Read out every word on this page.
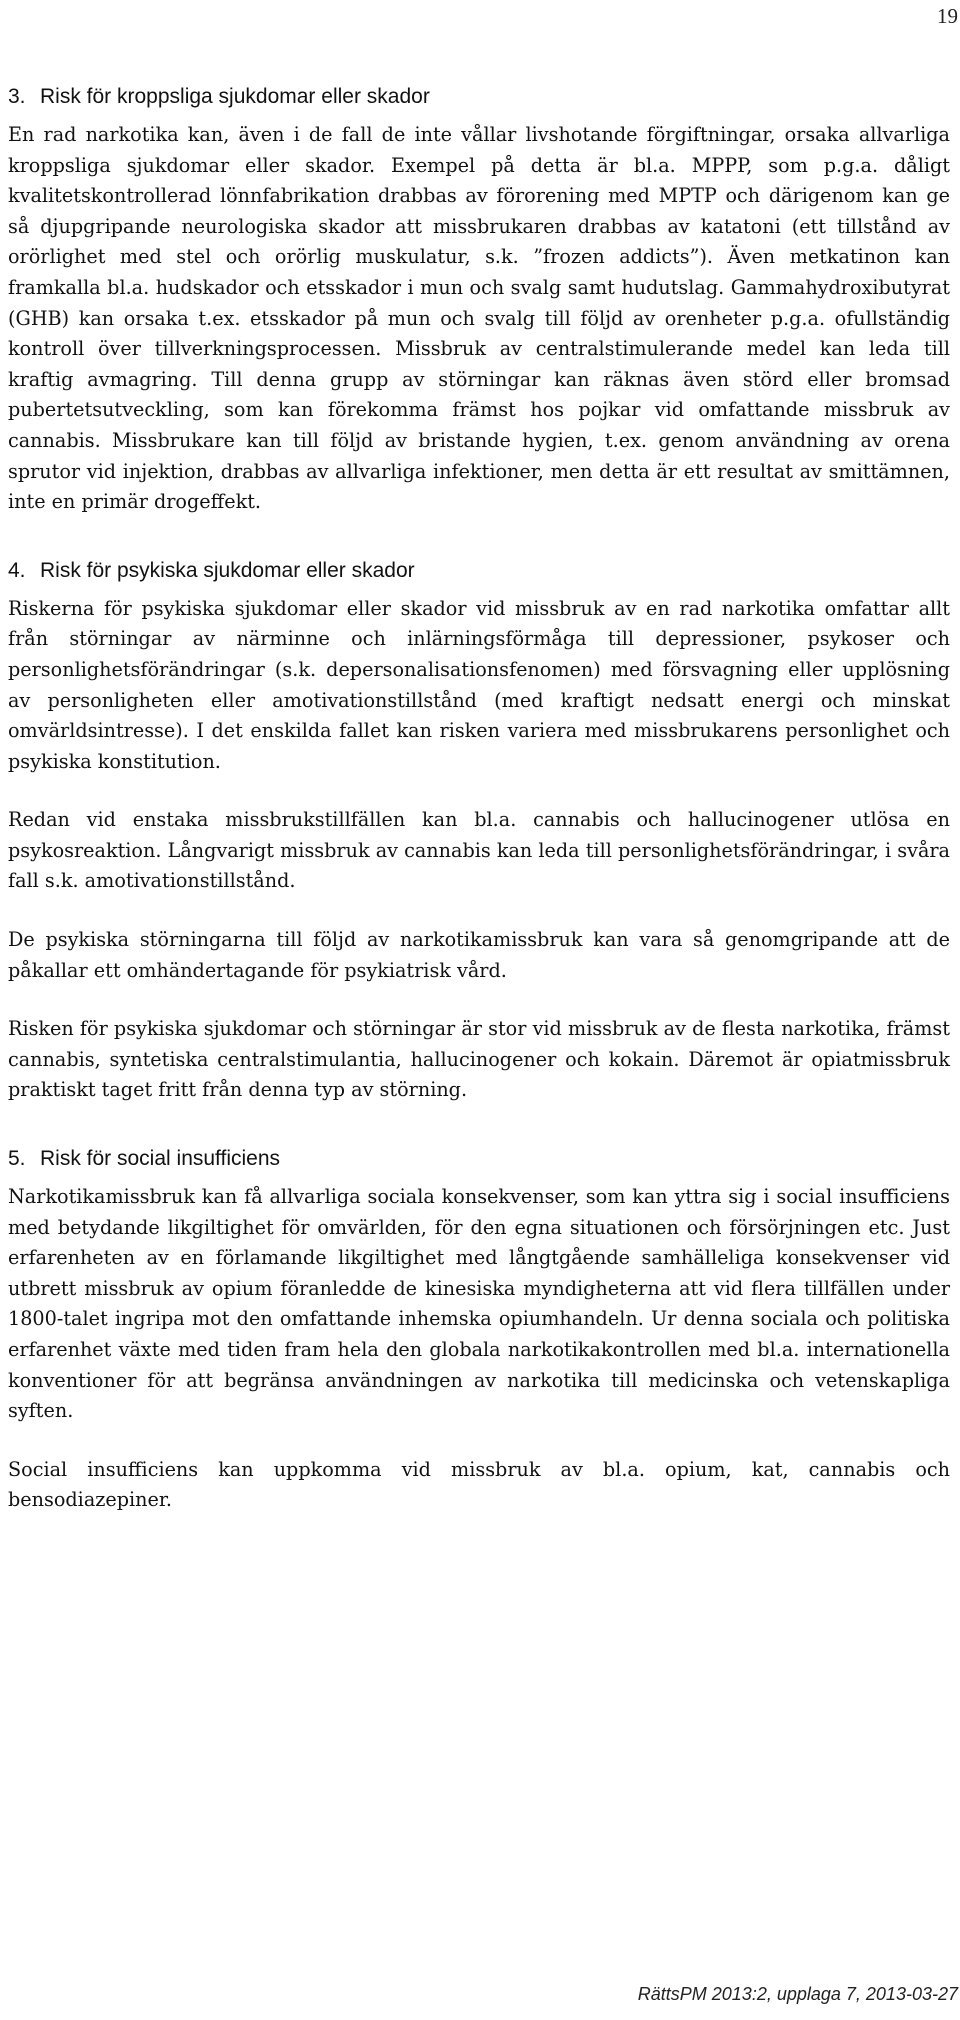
19
3. Risk för kroppsliga sjukdomar eller skador

En rad narkotika kan, även i de fall de inte vållar livshotande förgiftningar, orsaka allvarliga kroppsliga sjukdomar eller skador. Exempel på detta är bl.a. MPPP, som p.g.a. dåligt kvalitetskontrollerad lönnfabrikation drabbas av förorening med MPTP och därigenom kan ge så djupgripande neurologiska skador att missbrukaren drabbas av katatoni (ett tillstånd av orörlighet med stel och orörlig muskulatur, s.k. ”frozen addicts”). Även metkatinon kan framkalla bl.a. hudskador och etsskador i mun och svalg samt hudutslag. Gammahydroxibutyrat (GHB) kan orsaka t.ex. etsskador på mun och svalg till följd av orenheter p.g.a. ofullständig kontroll över tillverkningsprocessen. Missbruk av centralstimulerande medel kan leda till kraftig avmagring. Till denna grupp av störningar kan räknas även störd eller bromsad pubertetsutveckling, som kan förekomma främst hos pojkar vid omfattande missbruk av cannabis. Missbrukare kan till följd av bristande hygien, t.ex. genom användning av orena sprutor vid injektion, drabbas av allvarliga infektioner, men detta är ett resultat av smittämnen, inte en primär drogeffekt.

4. Risk för psykiska sjukdomar eller skador

Riskerna för psykiska sjukdomar eller skador vid missbruk av en rad narkotika omfattar allt från störningar av närminne och inlärningsförmåga till depressioner, psykoser och personlighetsförändringar (s.k. depersonalisationsfenomen) med försvagning eller upplösning av personligheten eller amotivationstillstånd (med kraftigt nedsatt energi och minskat omvärldsintresse). I det enskilda fallet kan risken variera med missbrukarens personlighet och psykiska konstitution.

Redan vid enstaka missbrukstillfällen kan bl.a. cannabis och hallucinogener utlösa en psykosreaktion. Långvarigt missbruk av cannabis kan leda till personlighetsförändringar, i svåra fall s.k. amotivationstillstånd.

De psykiska störningarna till följd av narkotikamissbruk kan vara så genomgripande att de påkallar ett omhändertagande för psykiatrisk vård.

Risken för psykiska sjukdomar och störningar är stor vid missbruk av de flesta narkotika, främst cannabis, syntetiska centralstimulantia, hallucinogener och kokain. Däremot är opiatmissbruk praktiskt taget fritt från denna typ av störning.

5. Risk för social insufficiens

Narkotikamissbruk kan få allvarliga sociala konsekvenser, som kan yttra sig i social insufficiens med betydande likgiltighet för omvärlden, för den egna situationen och försörjningen etc. Just erfarenheten av en förlamande likgiltighet med långtgående samhälleliga konsekvenser vid utbrett missbruk av opium föranledde de kinesiska myndigheterna att vid flera tillfällen under 1800-talet ingripa mot den omfattande inhemska opiumhandeln. Ur denna sociala och politiska erfarenhet växte med tiden fram hela den globala narkotikakontrollen med bl.a. internationella konventioner för att begränsa användningen av narkotika till medicinska och vetenskapliga syften.

Social insufficiens kan uppkomma vid missbruk av bl.a. opium, kat, cannabis och bensodiazepiner.

RättsPM 2013:2, upplaga 7, 2013-03-27
